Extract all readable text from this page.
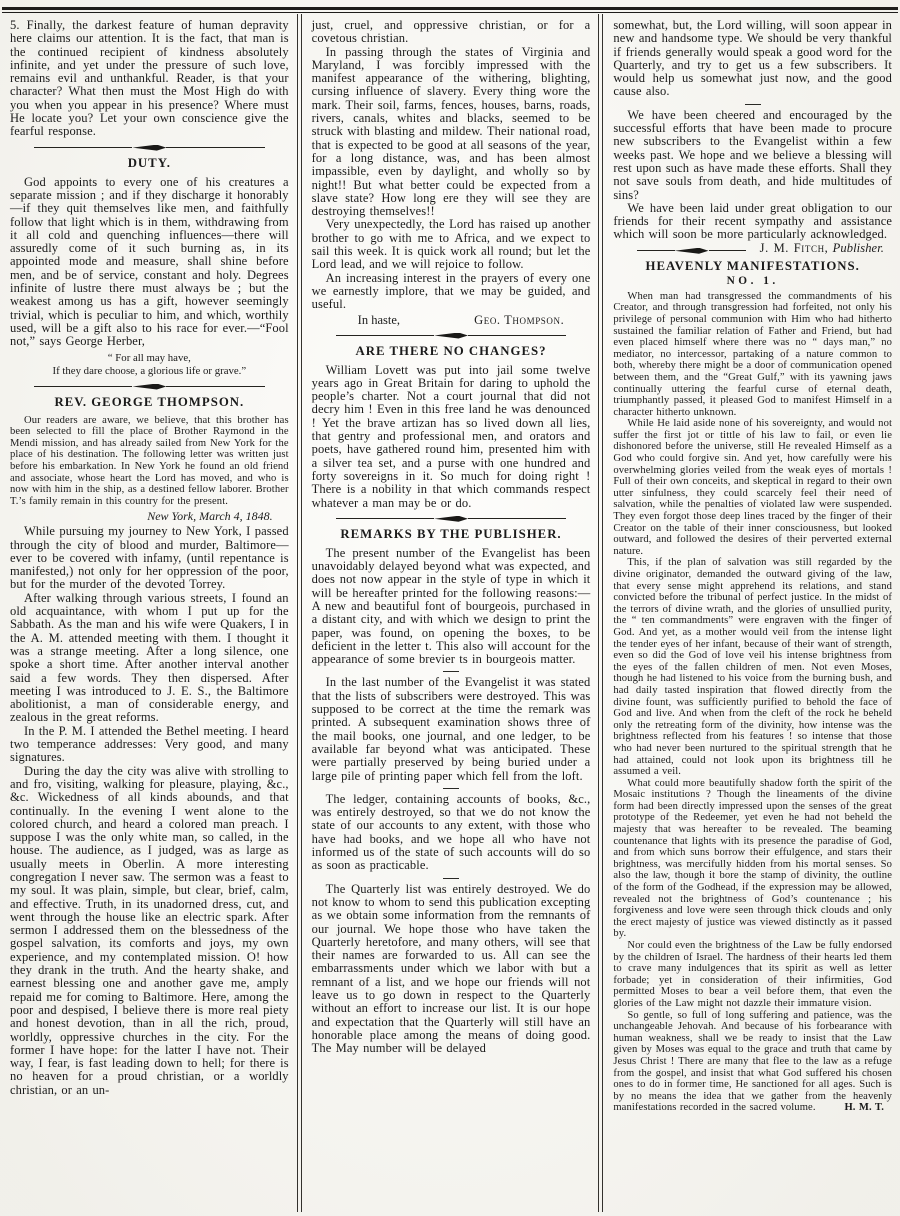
5. Finally, the darkest feature of human depravity here claims our attention. It is the fact, that man is the continued recipient of kindness absolutely infinite, and yet under the pressure of such love, remains evil and unthankful. Reader, is that your character? What then must the Most High do with you when you appear in his presence? Where must He locate you? Let your own conscience give the fearful response.

DUTY.

God appoints to every one of his creatures a separate mission ; and if they discharge it honorably—if they quit themselves like men, and faithfully follow that light which is in them, withdrawing from it all cold and quenching influences—there will assuredly come of it such burning as, in its appointed mode and measure, shall shine before men, and be of service, constant and holy. Degrees infinite of lustre there must always be ; but the weakest among us has a gift, however seemingly trivial, which is peculiar to him, and which, worthily used, will be a gift also to his race for ever.—“Fool not,” says George Herber,

“ For all may have,
If they dare choose, a glorious life or grave.”
REV. GEORGE THOMPSON.

Our readers are aware, we believe, that this brother has been selected to fill the place of Brother Raymond in the Mendi mission, and has already sailed from New York for the place of his destination. The following letter was written just before his embarkation. In New York he found an old friend and associate, whose heart the Lord has moved, and who is now with him in the ship, as a destined fellow laborer. Brother T.’s family remain in this country for the present.

New York, March 4, 1848.

While pursuing my journey to New York, I passed through the city of blood and murder, Baltimore—ever to be covered with infamy, (until repentance is manifested,) not only for her oppression of the poor, but for the murder of the devoted Torrey.

After walking through various streets, I found an old acquaintance, with whom I put up for the Sabbath. As the man and his wife were Quakers, I in the A. M. attended meeting with them. I thought it was a strange meeting. After a long silence, one spoke a short time. After another interval another said a few words. They then dispersed. After meeting I was introduced to J. E. S., the Baltimore abolitionist, a man of considerable energy, and zealous in the great reforms.

In the P. M. I attended the Bethel meeting. I heard two temperance addresses: Very good, and many signatures.

During the day the city was alive with strolling to and fro, visiting, walking for pleasure, playing, &c., &c. Wickedness of all kinds abounds, and that continually. In the evening I went alone to the colored church, and heard a colored man preach. I suppose I was the only white man, so called, in the house. The audience, as I judged, was as large as usually meets in Oberlin. A more interesting congregation I never saw. The sermon was a feast to my soul. It was plain, simple, but clear, brief, calm, and effective. Truth, in its unadorned dress, cut, and went through the house like an electric spark. After sermon I addressed them on the blessedness of the gospel salvation, its comforts and joys, my own experience, and my contemplated mission. O! how they drank in the truth. And the hearty shake, and earnest blessing one and another gave me, amply repaid me for coming to Baltimore. Here, among the poor and despised, I believe there is more real piety and honest devotion, than in all the rich, proud, worldly, oppressive churches in the city. For the former I have hope: for the latter I have not. Their way, I fear, is fast leading down to hell; for there is no heaven for a proud christian, or a worldly christian, or an un-

just, cruel, and oppressive christian, or for a covetous christian.

In passing through the states of Virginia and Maryland, I was forcibly impressed with the manifest appearance of the withering, blighting, cursing influence of slavery. Every thing wore the mark. Their soil, farms, fences, houses, barns, roads, rivers, canals, whites and blacks, seemed to be struck with blasting and mildew. Their national road, that is expected to be good at all seasons of the year, for a long distance, was, and has been almost impassible, even by daylight, and wholly so by night!! But what better could be expected from a slave state? How long ere they will see they are destroying themselves!!

Very unexpectedly, the Lord has raised up another brother to go with me to Africa, and we expect to sail this week. It is quick work all round; but let the Lord lead, and we will rejoice to follow.

An increasing interest in the prayers of every one we earnestly implore, that we may be guided, and useful.

In haste,	Geo. Thompson.
ARE THERE NO CHANGES?

William Lovett was put into jail some twelve years ago in Great Britain for daring to uphold the people’s charter. Not a court journal that did not decry him ! Even in this free land he was denounced ! Yet the brave artizan has so lived down all lies, that gentry and professional men, and orators and poets, have gathered round him, presented him with a silver tea set, and a purse with one hundred and forty sovereigns in it. So much for doing right ! There is a nobility in that which commands respect whatever a man may be or do.

REMARKS BY THE PUBLISHER.

The present number of the Evangelist has been unavoidably delayed beyond what was expected, and does not now appear in the style of type in which it will be hereafter printed for the following reasons:—A new and beautiful font of bourgeois, purchased in a distant city, and with which we design to print the paper, was found, on opening the boxes, to be deficient in the letter t. This also will account for the appearance of some brevier ts in bourgeois matter.

In the last number of the Evangelist it was stated that the lists of subscribers were destroyed. This was supposed to be correct at the time the remark was printed. A subsequent examination shows three of the mail books, one journal, and one ledger, to be available far beyond what was anticipated. These were partially preserved by being buried under a large pile of printing paper which fell from the loft.

The ledger, containing accounts of books, &c., was entirely destroyed, so that we do not know the state of our accounts to any extent, with those who have had books, and we hope all who have not informed us of the state of such accounts will do so as soon as practicable.

The Quarterly list was entirely destroyed. We do not know to whom to send this publication excepting as we obtain some information from the remnants of our journal. We hope those who have taken the Quarterly heretofore, and many others, will see that their names are forwarded to us. All can see the embarrassments under which we labor with but a remnant of a list, and we hope our friends will not leave us to go down in respect to the Quarterly without an effort to increase our list. It is our hope and expectation that the Quarterly will still have an honorable place among the means of doing good. The May number will be delayed

somewhat, but, the Lord willing, will soon appear in new and handsome type. We should be very thankful if friends generally would speak a good word for the Quarterly, and try to get us a few subscribers. It would help us somewhat just now, and the good cause also.

We have been cheered and encouraged by the successful efforts that have been made to procure new subscribers to the Evangelist within a few weeks past. We hope and we believe a blessing will rest upon such as have made these efforts. Shall they not save souls from death, and hide multitudes of sins?

We have been laid under great obligation to our friends for their recent sympathy and assistance which will soon be more particularly acknowledged.
J. M. Fitch, Publisher.

HEAVENLY MANIFESTATIONS.
NO. 1.

When man had transgressed the commandments of his Creator, and through transgression had forfeited, not only his privilege of personal communion with Him who had hitherto sustained the familiar relation of Father and Friend, but had even placed himself where there was no “ days man,” no mediator, no intercessor, partaking of a nature common to both, whereby there might be a door of communication opened between them, and the “Great Gulf,” with its yawning jaws continually uttering the fearful curse of eternal death, triumphantly passed, it pleased God to manifest Himself in a character hitherto unknown.

While He laid aside none of his sovereignty, and would not suffer the first jot or tittle of his law to fail, or even lie dishonored before the universe, still He revealed Himself as a God who could forgive sin. And yet, how carefully were his overwhelming glories veiled from the weak eyes of mortals ! Full of their own conceits, and skeptical in regard to their own utter sinfulness, they could scarcely feel their need of salvation, while the penalties of violated law were suspended. They even forgot those deep lines traced by the finger of their Creator on the table of their inner consciousness, but looked outward, and followed the desires of their perverted external nature.

This, if the plan of salvation was still regarded by the divine originator, demanded the outward giving of the law, that every sense might apprehend its relations, and stand convicted before the tribunal of perfect justice. In the midst of the terrors of divine wrath, and the glories of unsullied purity, the “ ten commandments” were engraven with the finger of God. And yet, as a mother would veil from the intense light the tender eyes of her infant, because of their want of strength, even so did the God of love veil his intense brightness from the eyes of the fallen children of men. Not even Moses, though he had listened to his voice from the burning bush, and had daily tasted inspiration that flowed directly from the divine fount, was sufficiently purified to behold the face of God and live. And when from the cleft of the rock he beheld only the retreating form of the divinity, how intense was the brightness reflected from his features ! so intense that those who had never been nurtured to the spiritual strength that he had attained, could not look upon its brightness till he assumed a veil.

What could more beautifully shadow forth the spirit of the Mosaic institutions ? Though the lineaments of the divine form had been directly impressed upon the senses of the great prototype of the Redeemer, yet even he had not beheld the majesty that was hereafter to be revealed. The beaming countenance that lights with its presence the paradise of God, and from which suns borrow their effulgence, and stars their brightness, was mercifully hidden from his mortal senses. So also the law, though it bore the stamp of divinity, the outline of the form of the Godhead, if the expression may be allowed, revealed not the brightness of God’s countenance ; his forgiveness and love were seen through thick clouds and only the erect majesty of justice was viewed distinctly as it passed by.

Nor could even the brightness of the Law be fully endorsed by the children of Israel. The hardness of their hearts led them to crave many indulgences that its spirit as well as letter forbade; yet in consideration of their infirmities, God permitted Moses to bear a veil before them, that even the glories of the Law might not dazzle their immature vision.

So gentle, so full of long suffering and patience, was the unchangeable Jehovah. And because of his forbearance with human weakness, shall we be ready to insist that the Law given by Moses was equal to the grace and truth that came by Jesus Christ ! There are many that flee to the law as a refuge from the gospel, and insist that what God suffered his chosen ones to do in former time, He sanctioned for all ages. Such is by no means the idea that we gather from the heavenly manifestations recorded in the sacred volume.	H. M. T.
